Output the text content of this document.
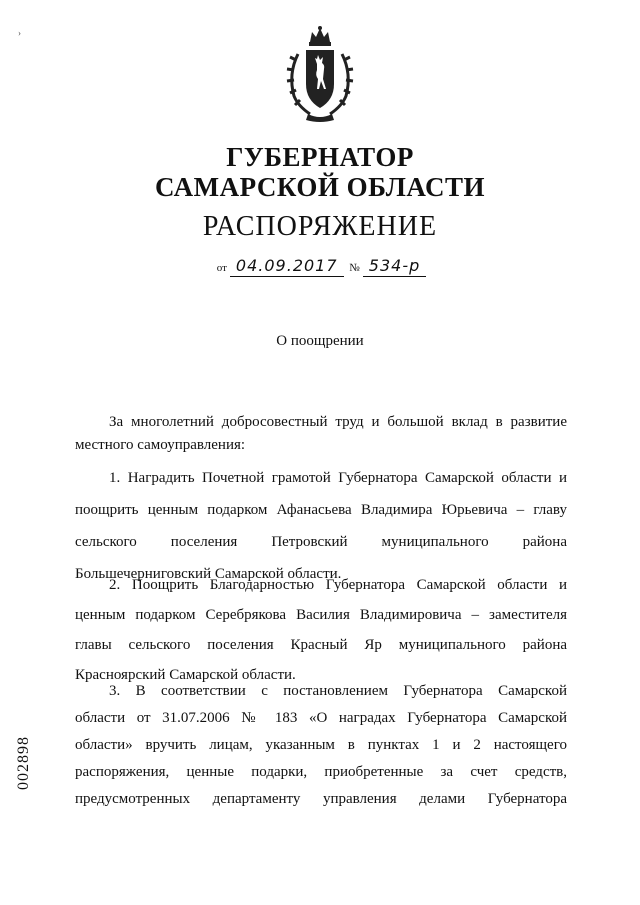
›
ГУБЕРНАТОР
САМАРСКОЙ ОБЛАСТИ
РАСПОРЯЖЕНИЕ
от 04.09.2017 № 534-р
О поощрении
За многолетний добросовестный труд и большой вклад в развитие
местного самоуправления:
1. Наградить Почетной грамотой Губернатора Самарской области и
поощрить ценным подарком Афанасьева Владимира Юрьевича – главу
сельского поселения Петровский муниципального района
Большечерниговский Самарской области.
2. Поощрить Благодарностью Губернатора Самарской области и
ценным подарком Серебрякова Василия Владимировича – заместителя
главы сельского поселения Красный Яр муниципального района
Красноярский Самарской области.
3. В соответствии с постановлением Губернатора Самарской
области от 31.07.2006 № 183 «О наградах Губернатора Самарской
области» вручить лицам, указанным в пунктах 1 и 2 настоящего
распоряжения, ценные подарки, приобретенные за счет средств,
предусмотренных департаменту управления делами Губернатора
002898
